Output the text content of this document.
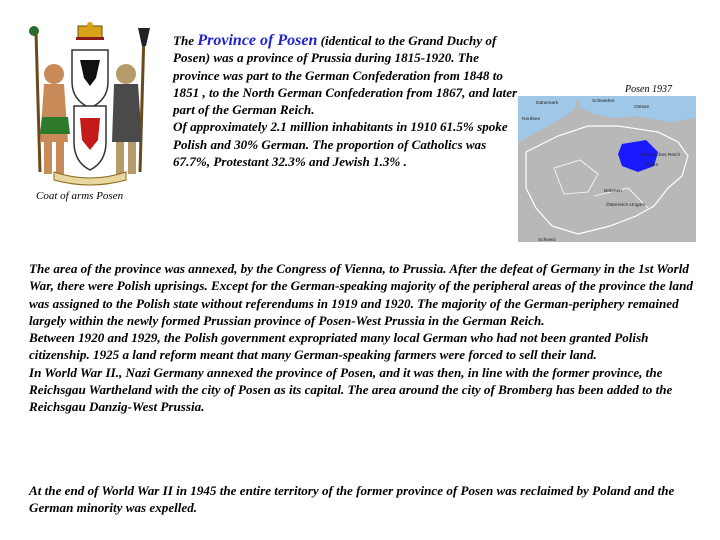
Coat of arms Posen
The Province of Posen (identical to the Grand Duchy of Posen) was a province of Prussia during 1815-1920. The province was part to the German Confederation from 1848 to 1851 , to the North German Confederation from 1867, and later part of the German Reich.
Of approximately 2.1 million inhabitants in 1910 61.5% spoke Polish and 30% German. The proportion of Catholics was 67.7%, Protestant 32.3% and Jewish 1.3% .
Posen 1937
Dänemark	Schweden
Nordsee
Ostsee
Russisches Reich
Polen
Böhmen
Österreich-Ungarn
Schweiz

The area of the province was annexed, by the Congress of Vienna, to Prussia. After the defeat of Germany in the 1st World War, there were Polish uprisings. Except for the German-speaking majority of the peripheral areas of the province the land was assigned to the Polish state without referendums in 1919 and 1920. The majority of the German-periphery remained largely within the newly formed Prussian province of Posen-West Prussia in the German Reich.

Between 1920 and 1929, the Polish government expropriated many local German who had not been granted Polish citizenship. 1925 a land reform meant that many German-speaking farmers were forced to sell their land.

In World War II., Nazi Germany annexed the province of Posen, and it was then, in line with the former province, the Reichsgau Wartheland with the city of Posen as its capital. The area around the city of Bromberg has been added to the Reichsgau Danzig-West Prussia.

At the end of World War II in 1945 the entire territory of the former province of Posen was reclaimed by Poland and the German minority was expelled.
